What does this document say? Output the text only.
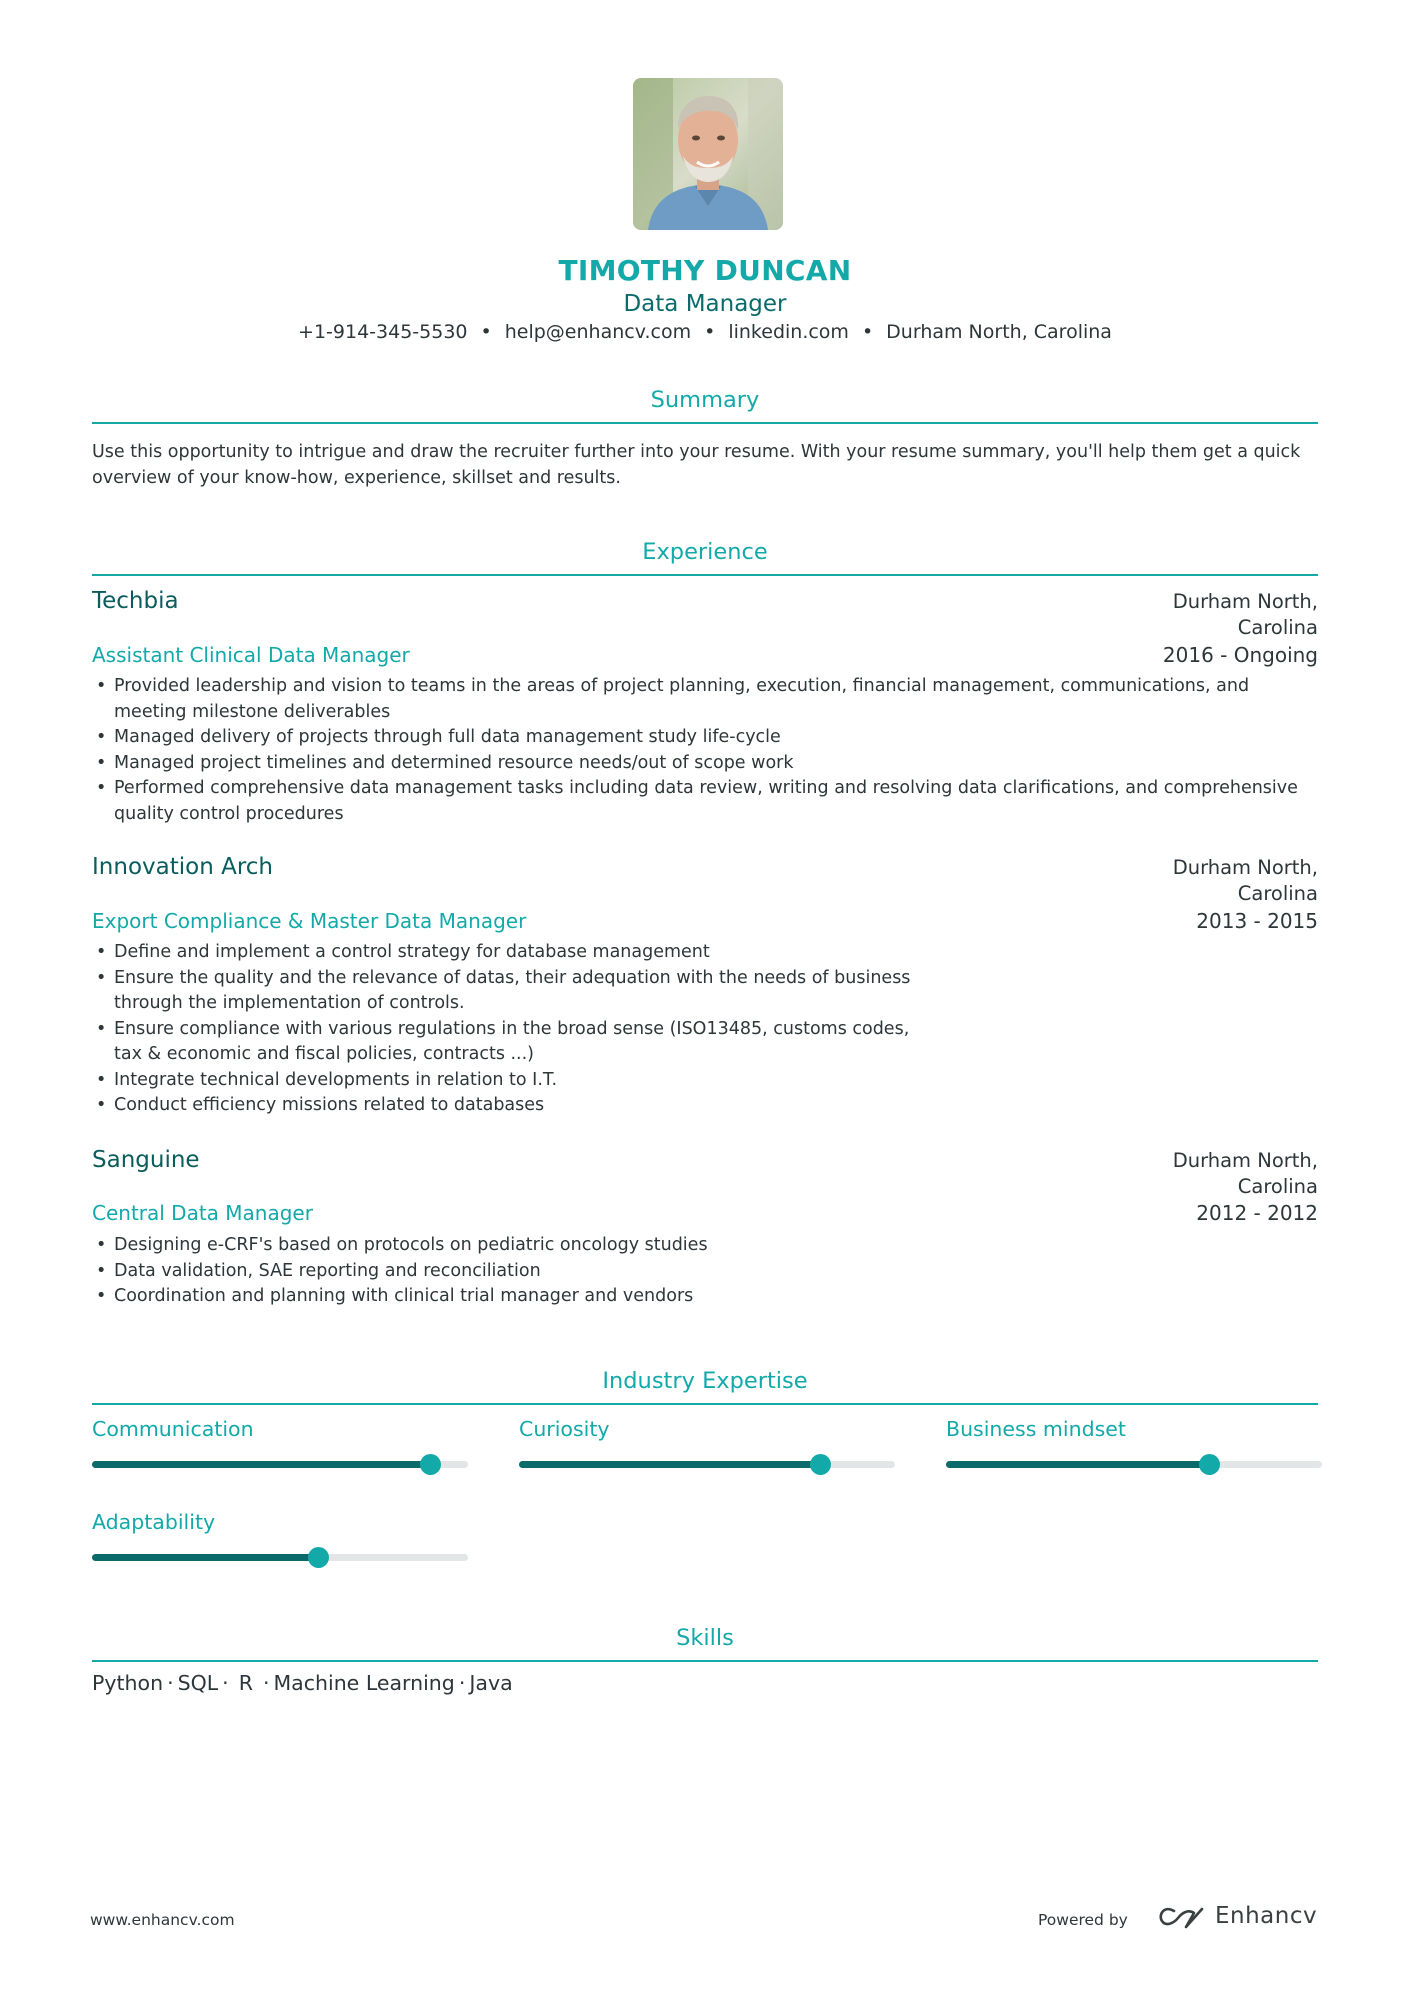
TIMOTHY DUNCAN
Data Manager
+1-914-345-5530 • help@enhancv.com • linkedin.com • Durham North, Carolina
Summary
Use this opportunity to intrigue and draw the recruiter further into your resume. With your resume summary, you'll help them get a quick overview of your know-how, experience, skillset and results.
Experience
Techbia	Durham North,
Carolina
Assistant Clinical Data Manager	2016 - Ongoing
• Provided leadership and vision to teams in the areas of project planning, execution, financial management, communications, and meeting milestone deliverables
• Managed delivery of projects through full data management study life-cycle
• Managed project timelines and determined resource needs/out of scope work
• Performed comprehensive data management tasks including data review, writing and resolving data clarifications, and comprehensive quality control procedures
Innovation Arch	Durham North,
Carolina
Export Compliance & Master Data Manager	2013 - 2015
• Define and implement a control strategy for database management
• Ensure the quality and the relevance of datas, their adequation with the needs of business through the implementation of controls.
• Ensure compliance with various regulations in the broad sense (ISO13485, customs codes, tax & economic and fiscal policies, contracts ...)
• Integrate technical developments in relation to I.T.
• Conduct efficiency missions related to databases
Sanguine	Durham North,
Carolina
Central Data Manager	2012 - 2012
• Designing e-CRF's based on protocols on pediatric oncology studies
• Data validation, SAE reporting and reconciliation
• Coordination and planning with clinical trial manager and vendors
Industry Expertise
Communication	Curiosity	Business mindset
Adaptability
Skills
Python · SQL · R · Machine Learning · Java
www.enhancv.com	Powered by	Enhancv
